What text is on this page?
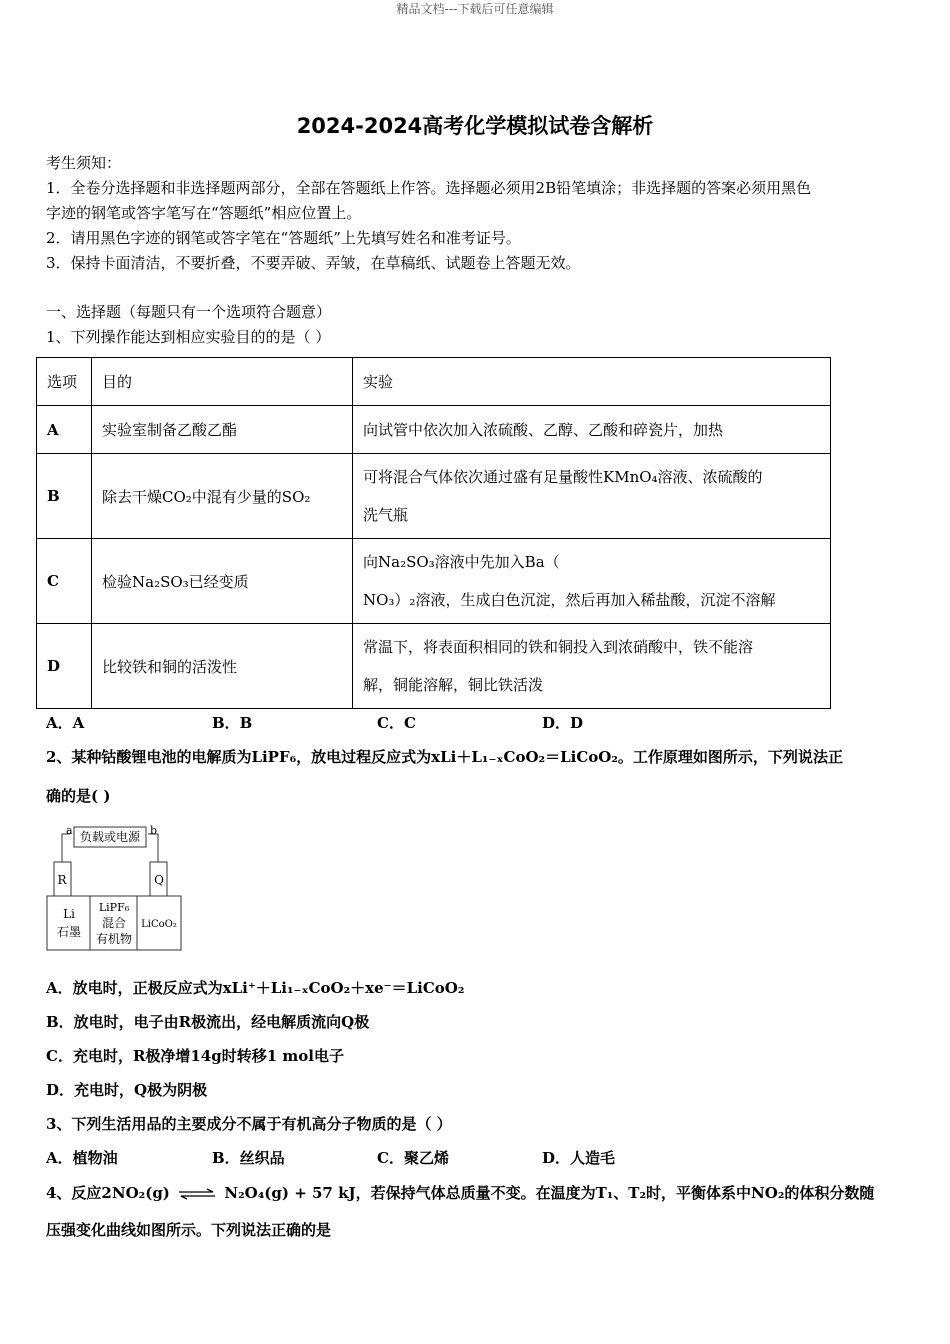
精品文档---下载后可任意编辑
2024-2024高考化学模拟试卷含解析
考生须知：
1．全卷分选择题和非选择题两部分，全部在答题纸上作答。选择题必须用2B铅笔填涂；非选择题的答案必须用黑色
字迹的钢笔或答字笔写在“答题纸”相应位置上。
2．请用黑色字迹的钢笔或答字笔在“答题纸”上先填写姓名和准考证号。
3．保持卡面清洁，不要折叠，不要弄破、弄皱，在草稿纸、试题卷上答题无效。
一、选择题（每题只有一个选项符合题意）
1、下列操作能达到相应实验目的的是（ ）
选项	目的	实验
A	实验室制备乙酸乙酯	向试管中依次加入浓硫酸、乙醇、乙酸和碎瓷片，加热
B	除去干燥CO₂中混有少量的SO₂	可将混合气体依次通过盛有足量酸性KMnO₄溶液、浓硫酸的
洗气瓶

C	检验Na₂SO₃已经变质	向Na₂SO₃溶液中先加入Ba（
NO₃）₂溶液，生成白色沉淀，然后再加入稀盐酸，沉淀不溶解

D	比较铁和铜的活泼性	常温下，将表面积相同的铁和铜投入到浓硝酸中，铁不能溶
解，铜能溶解，铜比铁活泼
A．A	B．B	C．C	D．D
2、某种钴酸锂电池的电解质为LiPF₆，放电过程反应式为xLi＋L₁₋ₓCoO₂＝LiCoO₂。工作原理如图所示，下列说法正
确的是( )
负载或电源
a	b
R	Q
Li
石墨
LiPF₆
混合
有机物
LiCoO₂
A．放电时，正极反应式为xLi⁺＋Li₁₋ₓCoO₂＋xe⁻＝LiCoO₂
B．放电时，电子由R极流出，经电解质流向Q极
C．充电时，R极净增14g时转移1 mol电子
D．充电时，Q极为阴极
3、下列生活用品的主要成分不属于有机高分子物质的是（ ）
A．植物油	B．丝织品	C．聚乙烯	D．人造毛
4、反应2NO₂(g) ⇌ N₂O₄(g) + 57 kJ，若保持气体总质量不变。在温度为T₁、T₂时，平衡体系中NO₂的体积分数随
压强变化曲线如图所示。下列说法正确的是
